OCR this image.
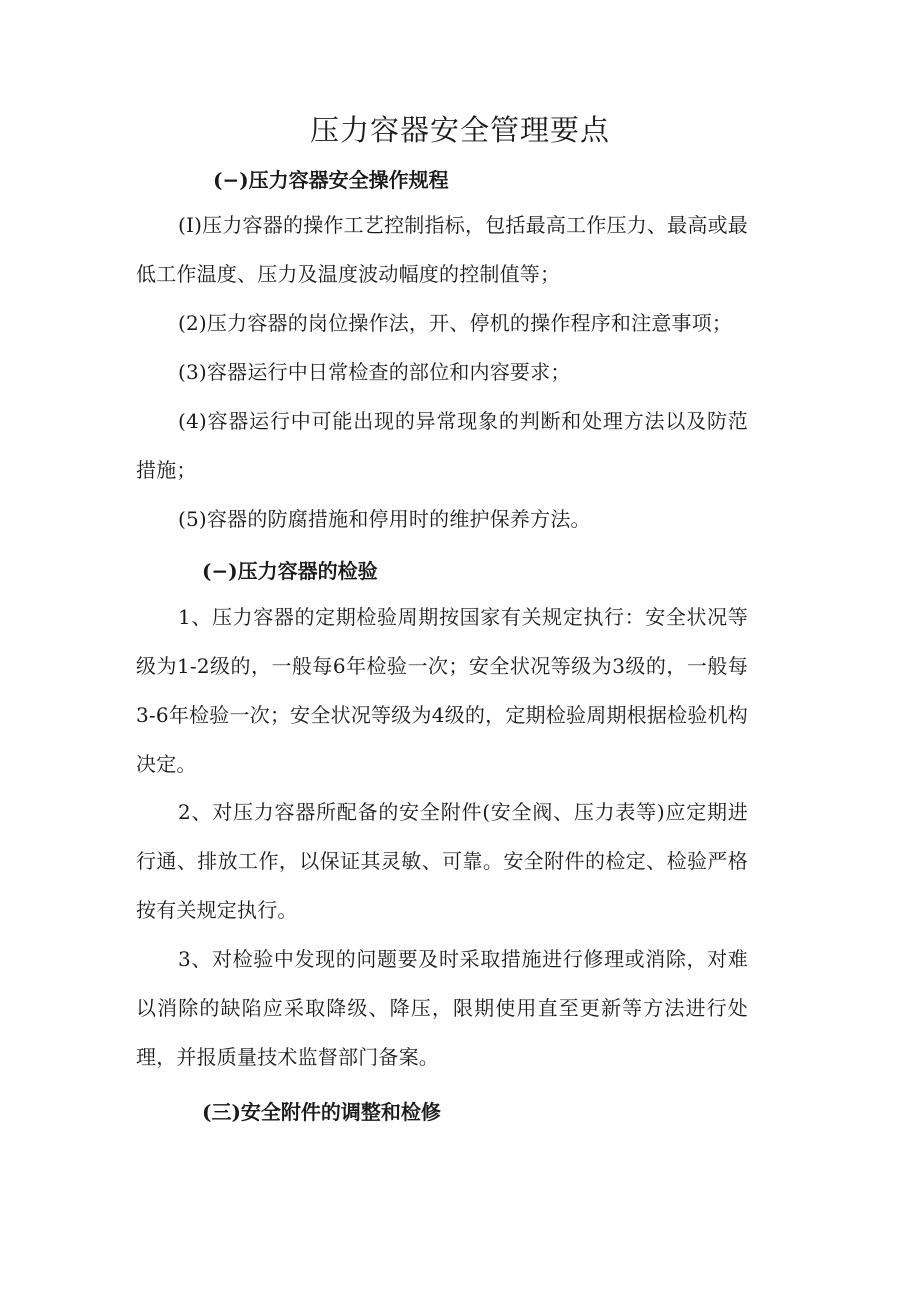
压力容器安全管理要点
(−)压力容器安全操作规程

(I)压力容器的操作工艺控制指标，包括最高工作压力、最高或最低工作温度、压力及温度波动幅度的控制值等；

(2)压力容器的岗位操作法，开、停机的操作程序和注意事项；

(3)容器运行中日常检查的部位和内容要求；

(4)容器运行中可能出现的异常现象的判断和处理方法以及防范措施；

(5)容器的防腐措施和停用时的维护保养方法。

(−)压力容器的检验

1、压力容器的定期检验周期按国家有关规定执行：安全状况等级为1-2级的，一般每6年检验一次；安全状况等级为3级的，一般每3-6年检验一次；安全状况等级为4级的，定期检验周期根据检验机构决定。

2、对压力容器所配备的安全附件(安全阀、压力表等)应定期进行通、排放工作，以保证其灵敏、可靠。安全附件的检定、检验严格按有关规定执行。

3、对检验中发现的问题要及时采取措施进行修理或消除，对难以消除的缺陷应采取降级、降压，限期使用直至更新等方法进行处理，并报质量技术监督部门备案。

(三)安全附件的调整和检修
